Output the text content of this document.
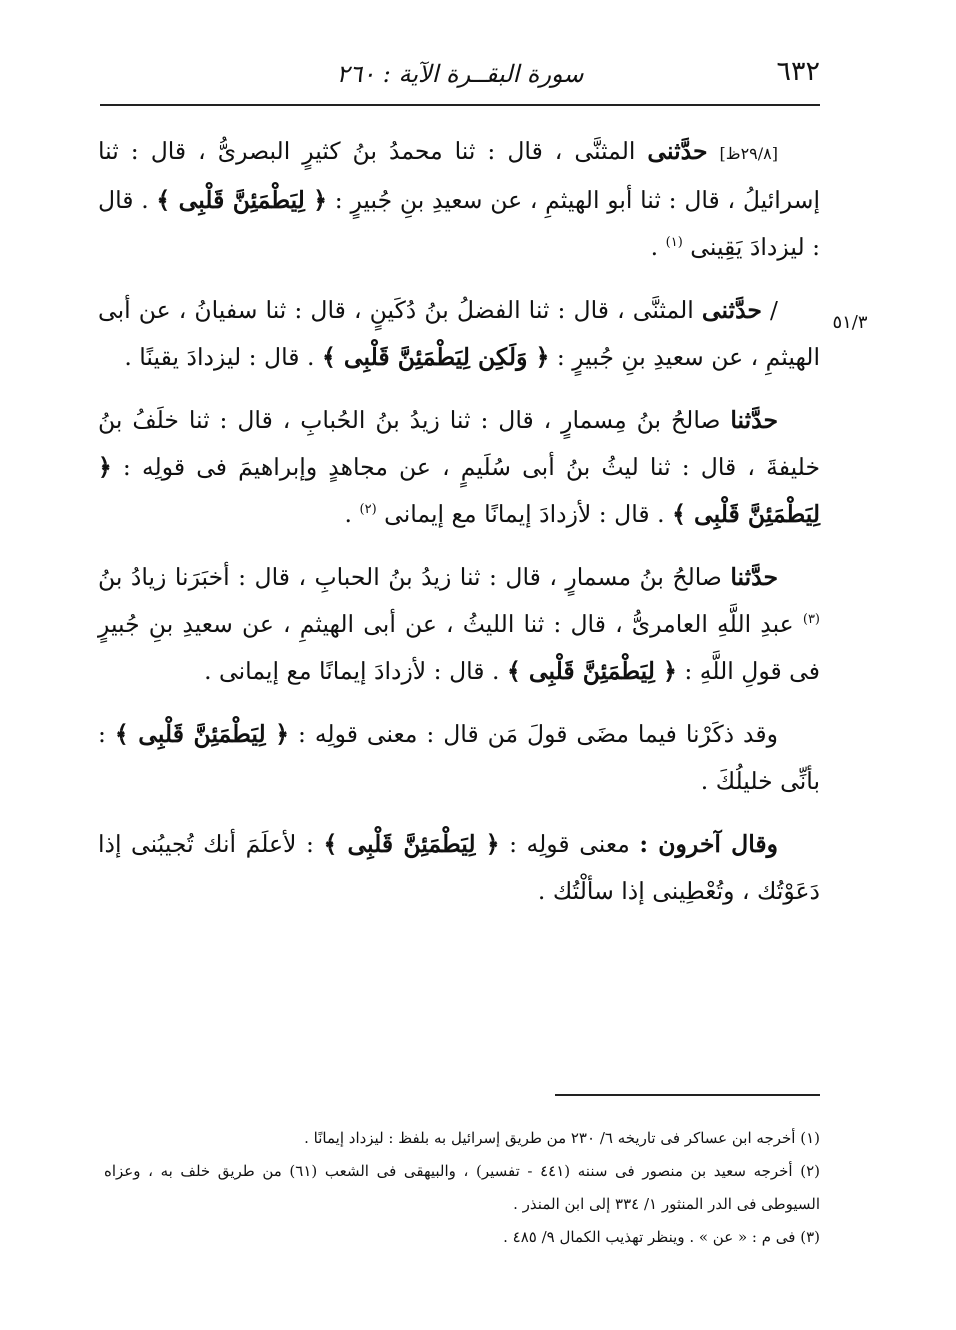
٦٣٢
سورة البقــرة الآية : ٢٦٠
٥١/٣

[٢٩/٨ظ] حدَّثنى المثنَّى ، قال : ثنا محمدُ بنُ كثيرٍ البصرىُّ ، قال : ثنا إسرائيلُ ، قال : ثنا أبو الهيثمِ ، عن سعيدِ بنِ جُبيرٍ : ﴿ لِيَطْمَئِنَّ قَلْبِى ﴾ . قال : ليزدادَ يَقِينى $^{(١)}$ .

/ حدَّثنى المثنَّى ، قال : ثنا الفضلُ بنُ دُكَينٍ ، قال : ثنا سفيانُ ، عن أبى الهيثمِ ، عن سعيدِ بنِ جُبيرٍ : ﴿ وَلَكِن لِيَطْمَئِنَّ قَلْبِى ﴾ . قال : ليزدادَ يقينًا .

حدَّثنا صالحُ بنُ مِسمارٍ ، قال : ثنا زيدُ بنُ الحُبابِ ، قال : ثنا خلَفُ بنُ خليفةَ ، قال : ثنا ليثُ بنُ أبى سُلَيمٍ ، عن مجاهدٍ وإبراهيمَ فى قولِه : ﴿ لِيَطْمَئِنَّ قَلْبِى ﴾ . قال : لأزدادَ إيمانًا مع إيمانى $^{(٢)}$ .

حدَّثنا صالحُ بنُ مسمارٍ ، قال : ثنا زيدُ بنُ الحبابِ ، قال : أخبَرَنا زيادُ بنُ $^{(٣)}$ عبدِ اللَّهِ العامرىُّ ، قال : ثنا الليثُ ، عن أبى الهيثمِ ، عن سعيدِ بنِ جُبيرٍ فى قولِ اللَّهِ : ﴿ لِيَطْمَئِنَّ قَلْبِى ﴾ . قال : لأزدادَ إيمانًا مع إيمانى .

وقد ذكَرْنا فيما مضَى قولَ مَن قال : معنى قولِه : ﴿ لِيَطْمَئِنَّ قَلْبِى ﴾ : بأنِّى خليلُكَ .

وقال آخرون : معنى قولِه : ﴿ لِيَطْمَئِنَّ قَلْبِى ﴾ : لأعلَمَ أنك تُجيبُنى إذا دَعَوْتُك ، وتُعْطِينى إذا سألْتُك .

(١) أخرجه ابن عساكر فى تاريخه ٦/ ٢٣٠ من طريق إسرائيل به بلفظ : ليزداد إيمانًا .

(٢) أخرجه سعيد بن منصور فى سننه (٤٤١ - تفسير) ، والبيهقى فى الشعب (٦١) من طريق خلف به ، وعزاه السيوطى فى الدر المنثور ١/ ٣٣٤ إلى ابن المنذر .

(٣) فى م : « عن » . وينظر تهذيب الكمال ٩/ ٤٨٥ .
